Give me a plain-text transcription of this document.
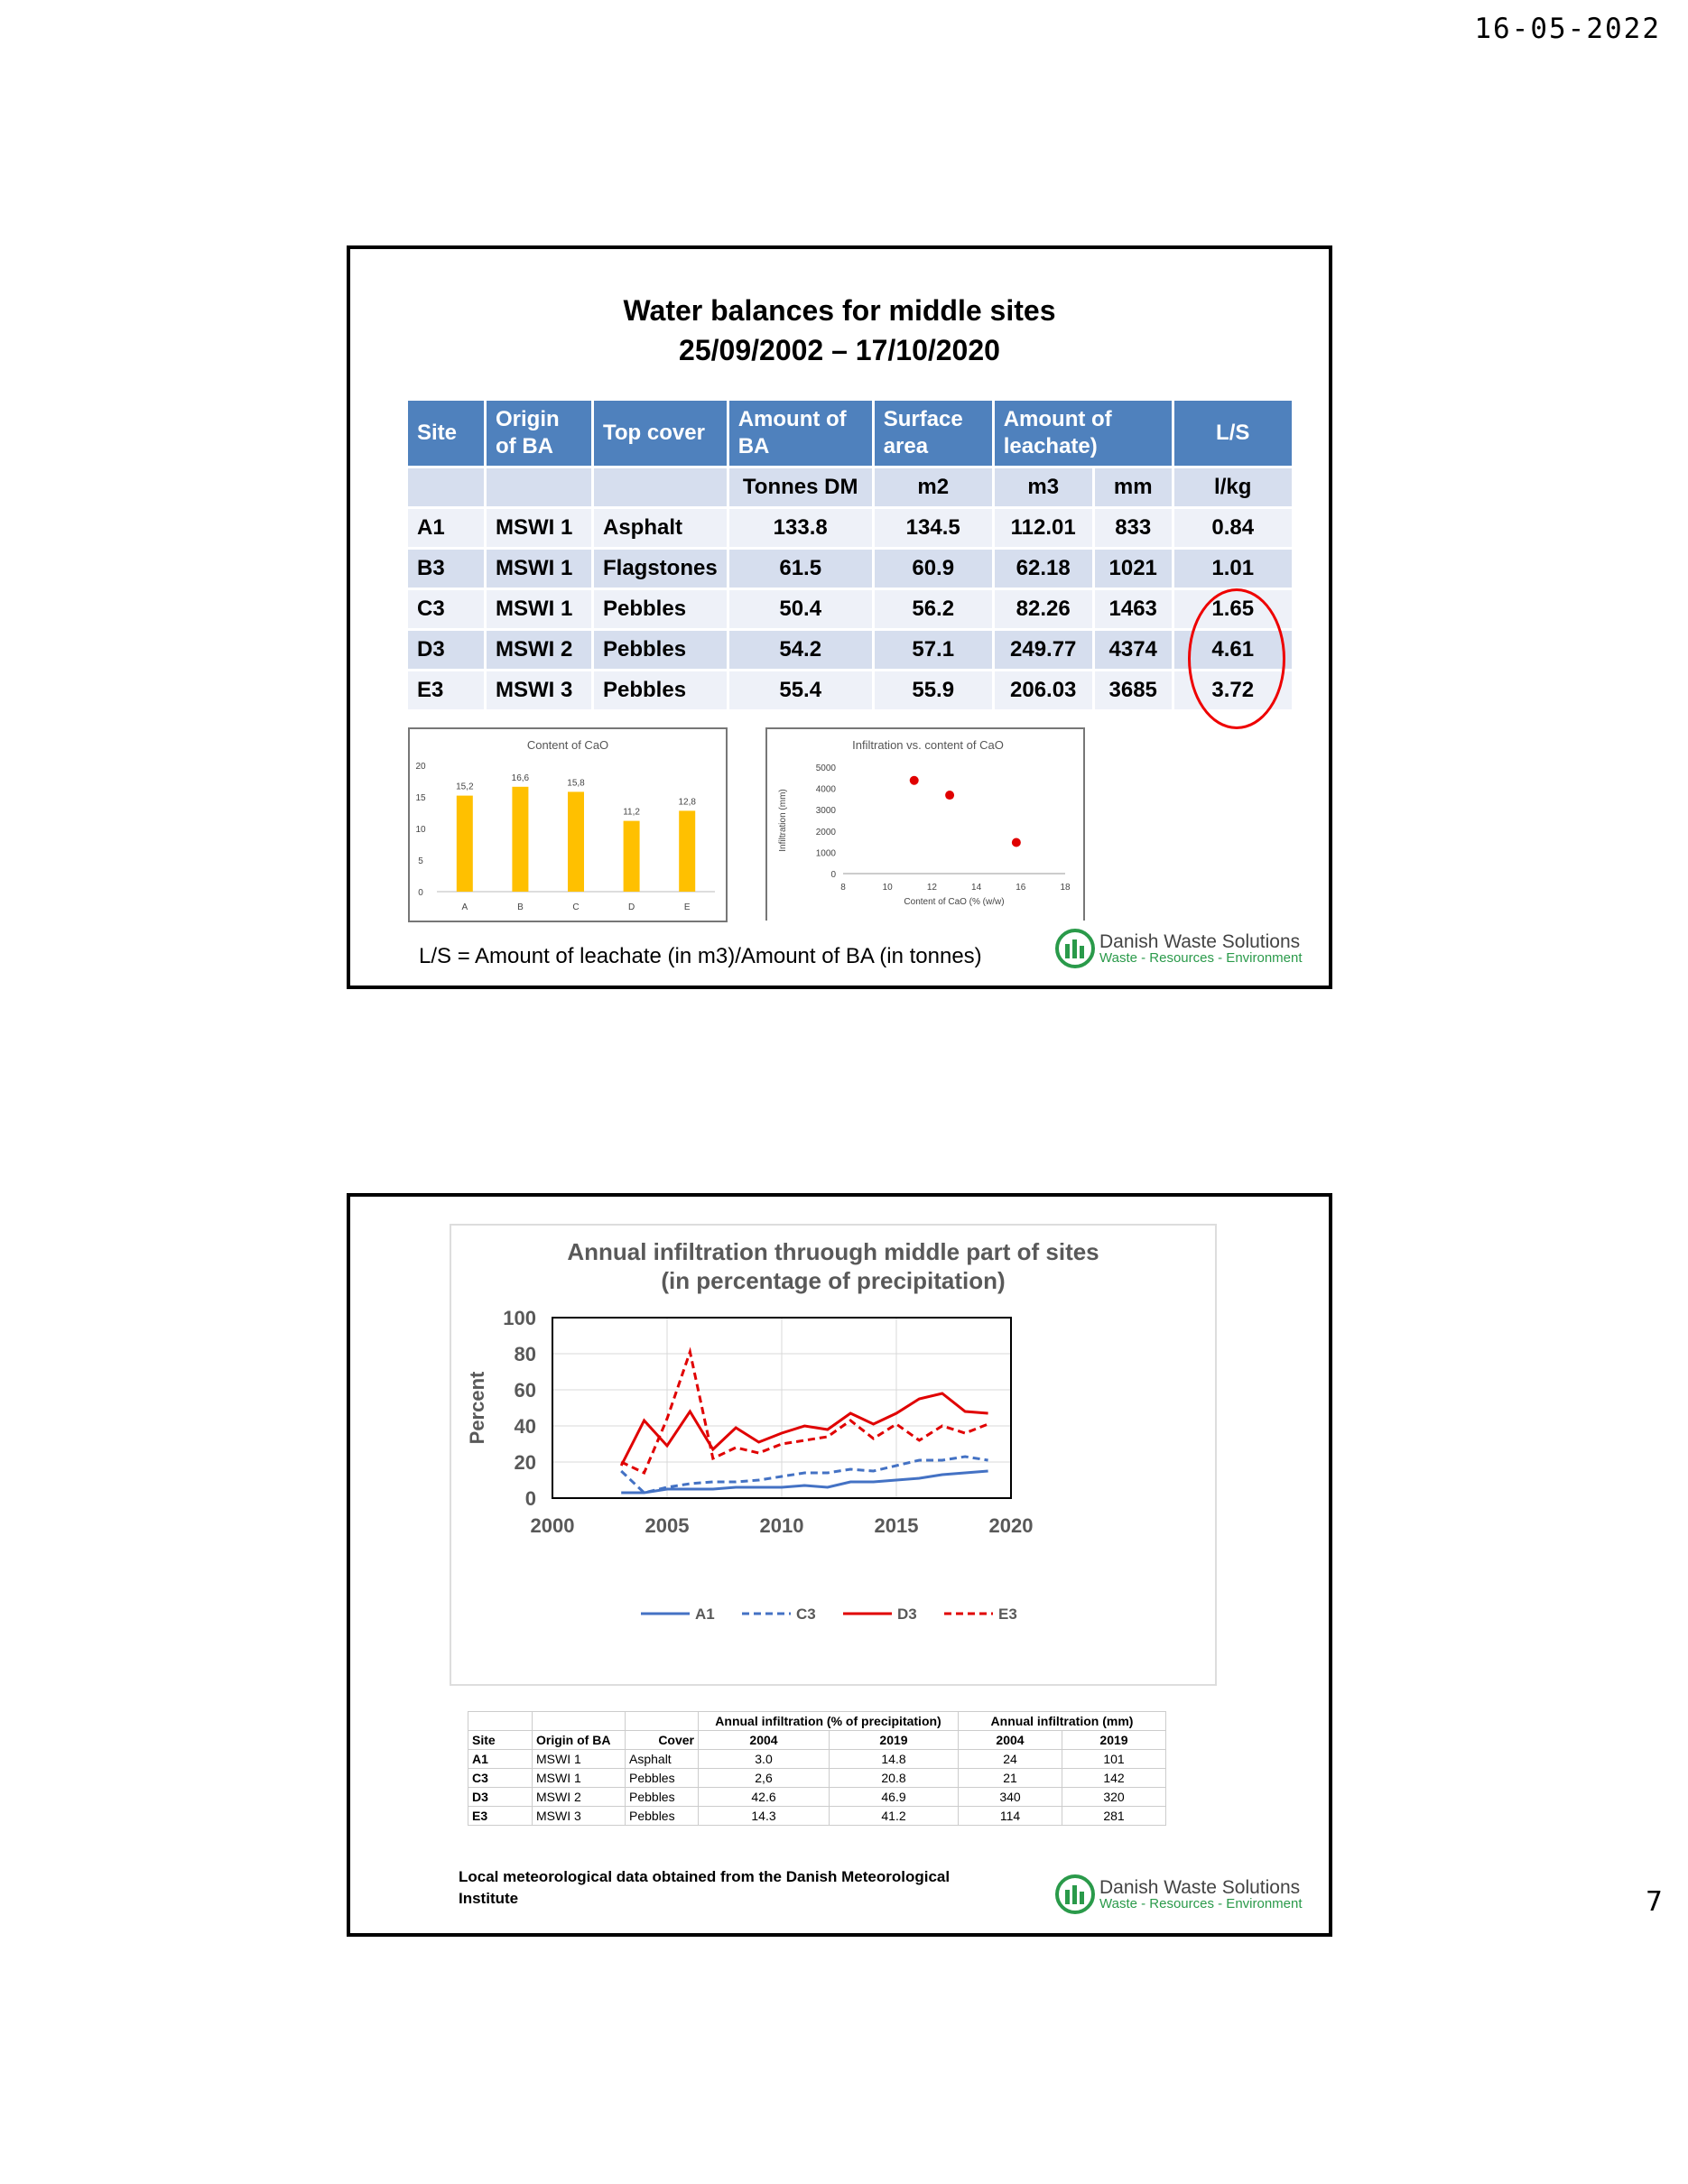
16-05-2022
Water balances for middle sites
25/09/2002 – 17/10/2020
Site	Origin of BA	Top cover	Amount of BA	Surface area	Amount of leachate)		L/S
			Tonnes DM	m2	m3	mm	l/kg
A1	MSWI 1	Asphalt	133.8	134.5	112.01	833	0.84
B3	MSWI 1	Flagstones	61.5	60.9	62.18	1021	1.01
C3	MSWI 1	Pebbles	50.4	56.2	82.26	1463	1.65
D3	MSWI 2	Pebbles	54.2	57.1	249.77	4374	4.61
E3	MSWI 3	Pebbles	55.4	55.9	206.03	3685	3.72
Content of CaO
0
5
10
15
20
15,2
A
16,6
B
15,8
C
11,2
D
12,8
E
Infiltration vs. content of CaO
0
1000
2000
3000
4000
5000
8	10	12	14	16	18
Infiltration (mm)
Content of CaO (% (w/w)
L/S = Amount of leachate (in m3)/Amount of BA (in tonnes)
Danish Waste Solutions
Waste - Resources - Environment
Annual infiltration thruough middle part of sites
(in percentage of precipitation)
0
20
40
60
80
100
2000	2005	2010	2015	2020
Percent
A1	C3	D3	E3
			Annual infiltration (% of precipitation)		Annual infiltration (mm)	
Site	Origin of BA	Cover	2004	2019	2004	2019
A1	MSWI 1	Asphalt	3.0	14.8	24	101
C3	MSWI 1	Pebbles	2,6	20.8	21	142
D3	MSWI 2	Pebbles	42.6	46.9	340	320
E3	MSWI 3	Pebbles	14.3	41.2	114	281
Local meteorological data obtained from the Danish Meteorological
Institute
Danish Waste Solutions
Waste - Resources - Environment	7
